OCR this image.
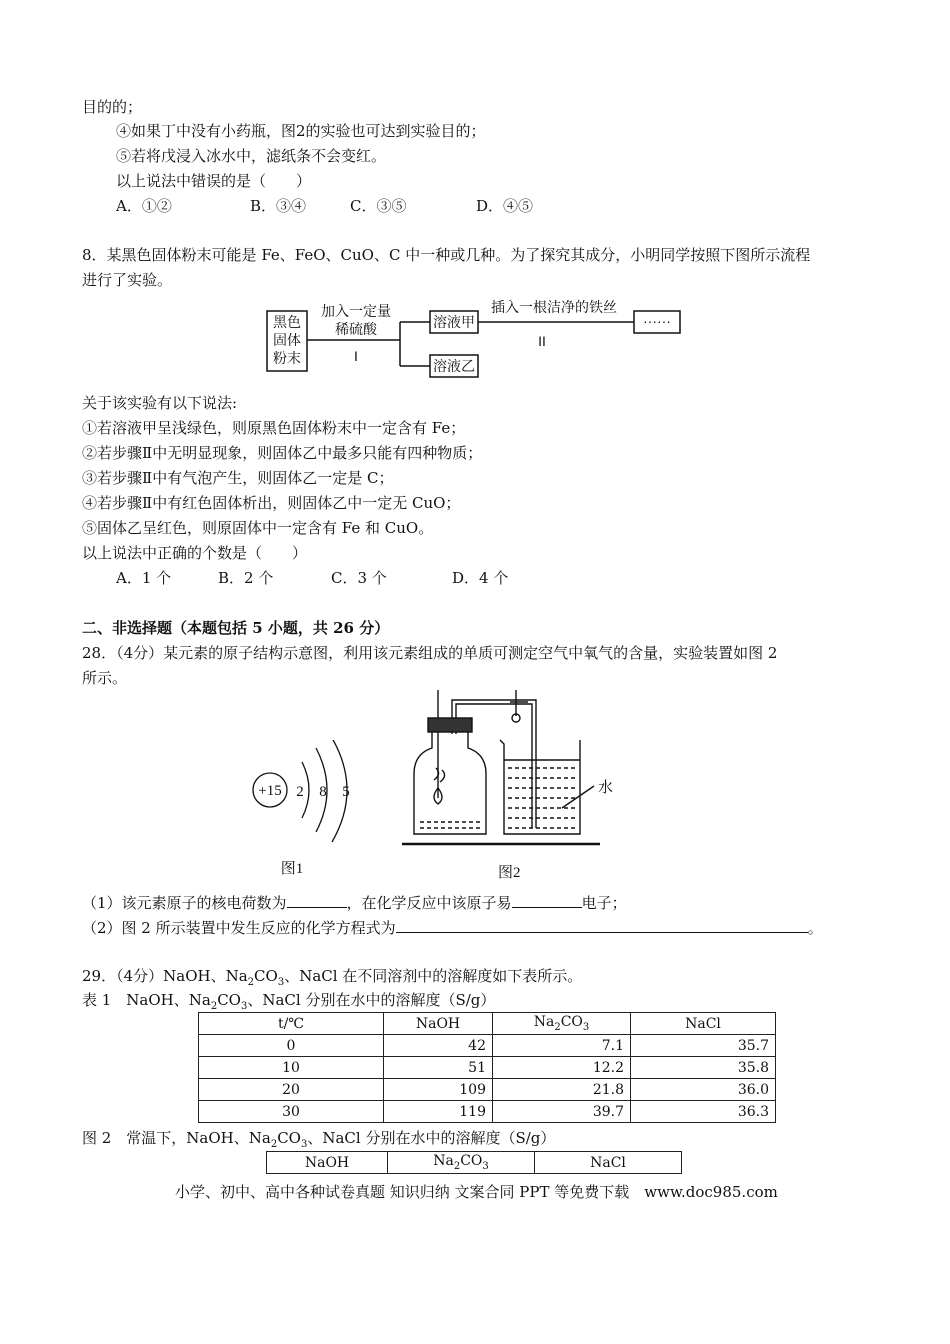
目的的；
④如果丁中没有小药瓶，图2的实验也可达到实验目的；
⑤若将戊浸入冰水中，滤纸条不会变红。
以上说法中错误的是（　　）
A．①②	B．③④	C．③⑤	D．④⑤
8．某黑色固体粉末可能是 Fe、FeO、CuO、C 中一种或几种。为了探究其成分，小明同学按照下图所示流程
进行了实验。
黑色
固体
粉末
加入一定量
稀硫酸
I
溶液甲
溶液乙
插入一根洁净的铁丝
II
······
关于该实验有以下说法:
①若溶液甲呈浅绿色，则原黑色固体粉末中一定含有 Fe；
②若步骤Ⅱ中无明显现象，则固体乙中最多只能有四种物质；
③若步骤Ⅱ中有气泡产生，则固体乙一定是 C；
④若步骤Ⅱ中有红色固体析出，则固体乙中一定无 CuO；
⑤固体乙呈红色，则原固体中一定含有 Fe 和 CuO。
以上说法中正确的个数是（　　）
A．1 个	B．2 个	C．3 个	D．4 个
二、非选择题（本题包括 5 小题，共 26 分）
28．（4分）某元素的原子结构示意图，利用该元素组成的单质可测定空气中氧气的含量，实验装置如图 2
所示。
+15 2 8 5
图1
水
图2
（1）该元素原子的核电荷数为	，在化学反应中该原子易	电子；
（2）图 2 所示装置中发生反应的化学方程式为	。
29．（4分）NaOH、$Na_2CO_3$、NaCl 在不同溶剂中的溶解度如下表所示。
表 1　NaOH、$Na_2CO_3$、NaCl 分别在水中的溶解度（S/g）
t/℃	NaOH	$Na_2CO_3$	NaCl
0	42	7.1	35.7
10	51	12.2	35.8
20	109	21.8	36.0
30	119	39.7	36.3
图 2　常温下，NaOH、$Na_2CO_3$、NaCl 分别在水中的溶解度（S/g）
NaOH	$Na_2CO_3$	NaCl
小学、初中、高中各种试卷真题 知识归纳 文案合同 PPT 等免费下载　www.doc985.com
